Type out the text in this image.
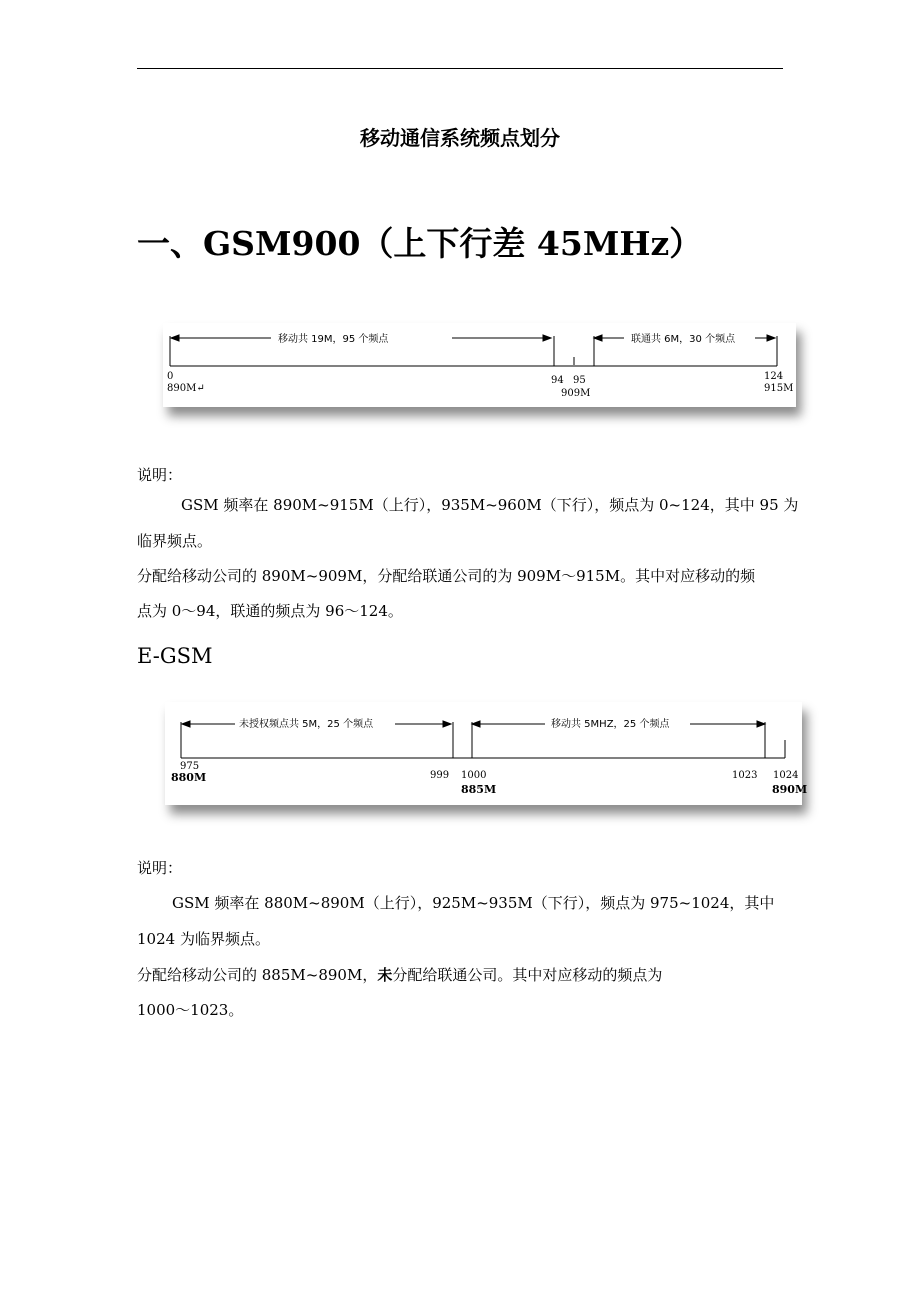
移动通信系统频点划分
一、GSM900（上下行差 45MHz）
移动共 19M，95 个频点	联通共 6M，30 个频点
0
890M↵
94 95
909M
124
915M
说明：
GSM 频率在 890M~915M（上行），935M~960M（下行），频点为 0~124，其中 95 为
临界频点。
分配给移动公司的 890M~909M，分配给联通公司的为 909M～915M。其中对应移动的频
点为 0～94，联通的频点为 96～124。
E-GSM
未授权频点共 5M，25 个频点	移动共 5MHZ，25 个频点
975
880M	999 1000
885M
1023 1024
890M
说明：
GSM 频率在 880M~890M（上行），925M~935M（下行），频点为 975~1024，其中
1024 为临界频点。
分配给移动公司的 885M~890M，未分配给联通公司。其中对应移动的频点为
1000～1023。
